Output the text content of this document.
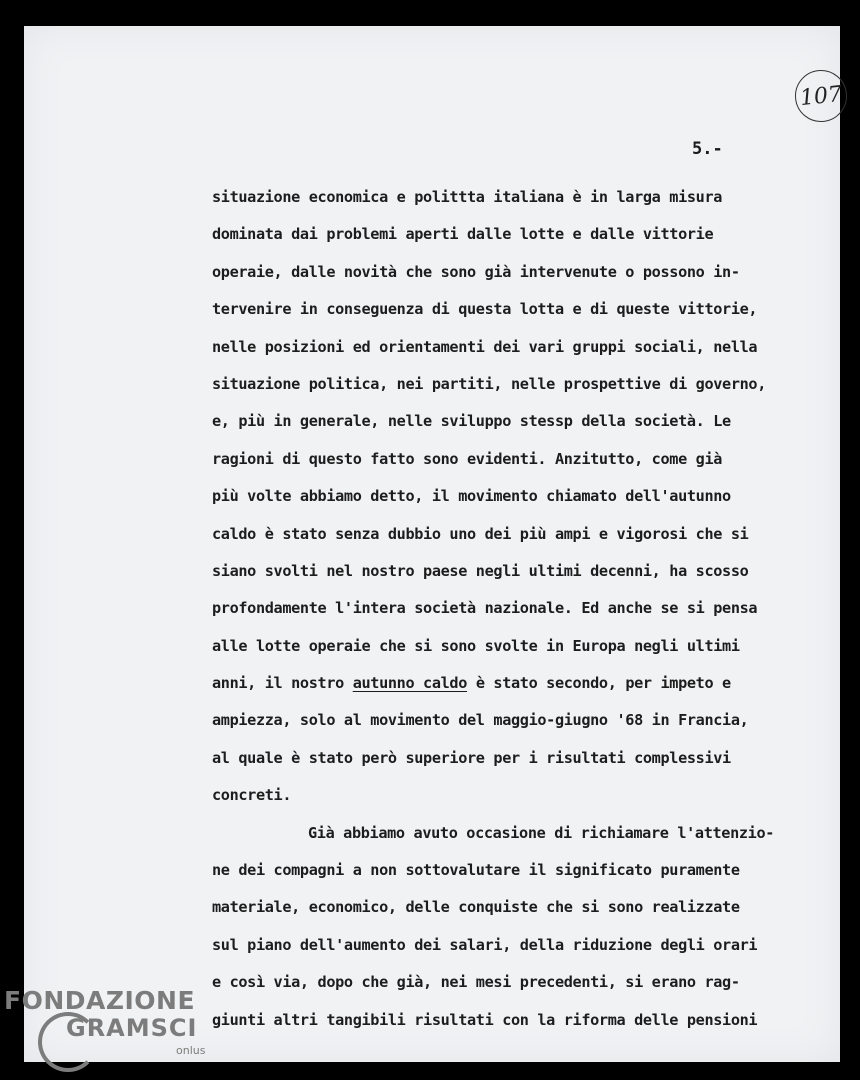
107
5.-
situazione economica e polittta italiana è in larga misura
dominata dai problemi aperti dalle lotte e dalle vittorie
operaie, dalle novità che sono già intervenute o possono in-
tervenire in conseguenza di questa lotta e di queste vittorie,
nelle posizioni ed orientamenti dei vari gruppi sociali, nella
situazione politica, nei partiti, nelle prospettive di governo,
e, più in generale, nelle sviluppo stessp della società. Le
ragioni di questo fatto sono evidenti. Anzitutto, come già
più volte abbiamo detto, il movimento chiamato dell'autunno
caldo è stato senza dubbio uno dei più ampi e vigorosi che si
siano svolti nel nostro paese negli ultimi decenni, ha scosso
profondamente l'intera società nazionale. Ed anche se si pensa
alle lotte operaie che si sono svolte in Europa negli ultimi
anni, il nostro autunno caldo è stato secondo, per impeto e
ampiezza, solo al movimento del maggio-giugno '68 in Francia,
al quale è stato però superiore per i risultati complessivi
concreti.
Già abbiamo avuto occasione di richiamare l'attenzio-
ne dei compagni a non sottovalutare il significato puramente
materiale, economico, delle conquiste che si sono realizzate
sul piano dell'aumento dei salari, della riduzione degli orari
e così via, dopo che già, nei mesi precedenti, si erano rag-
giunti altri tangibili risultati con la riforma delle pensioni
FONDAZIONE
GRAMSCI
onlus
